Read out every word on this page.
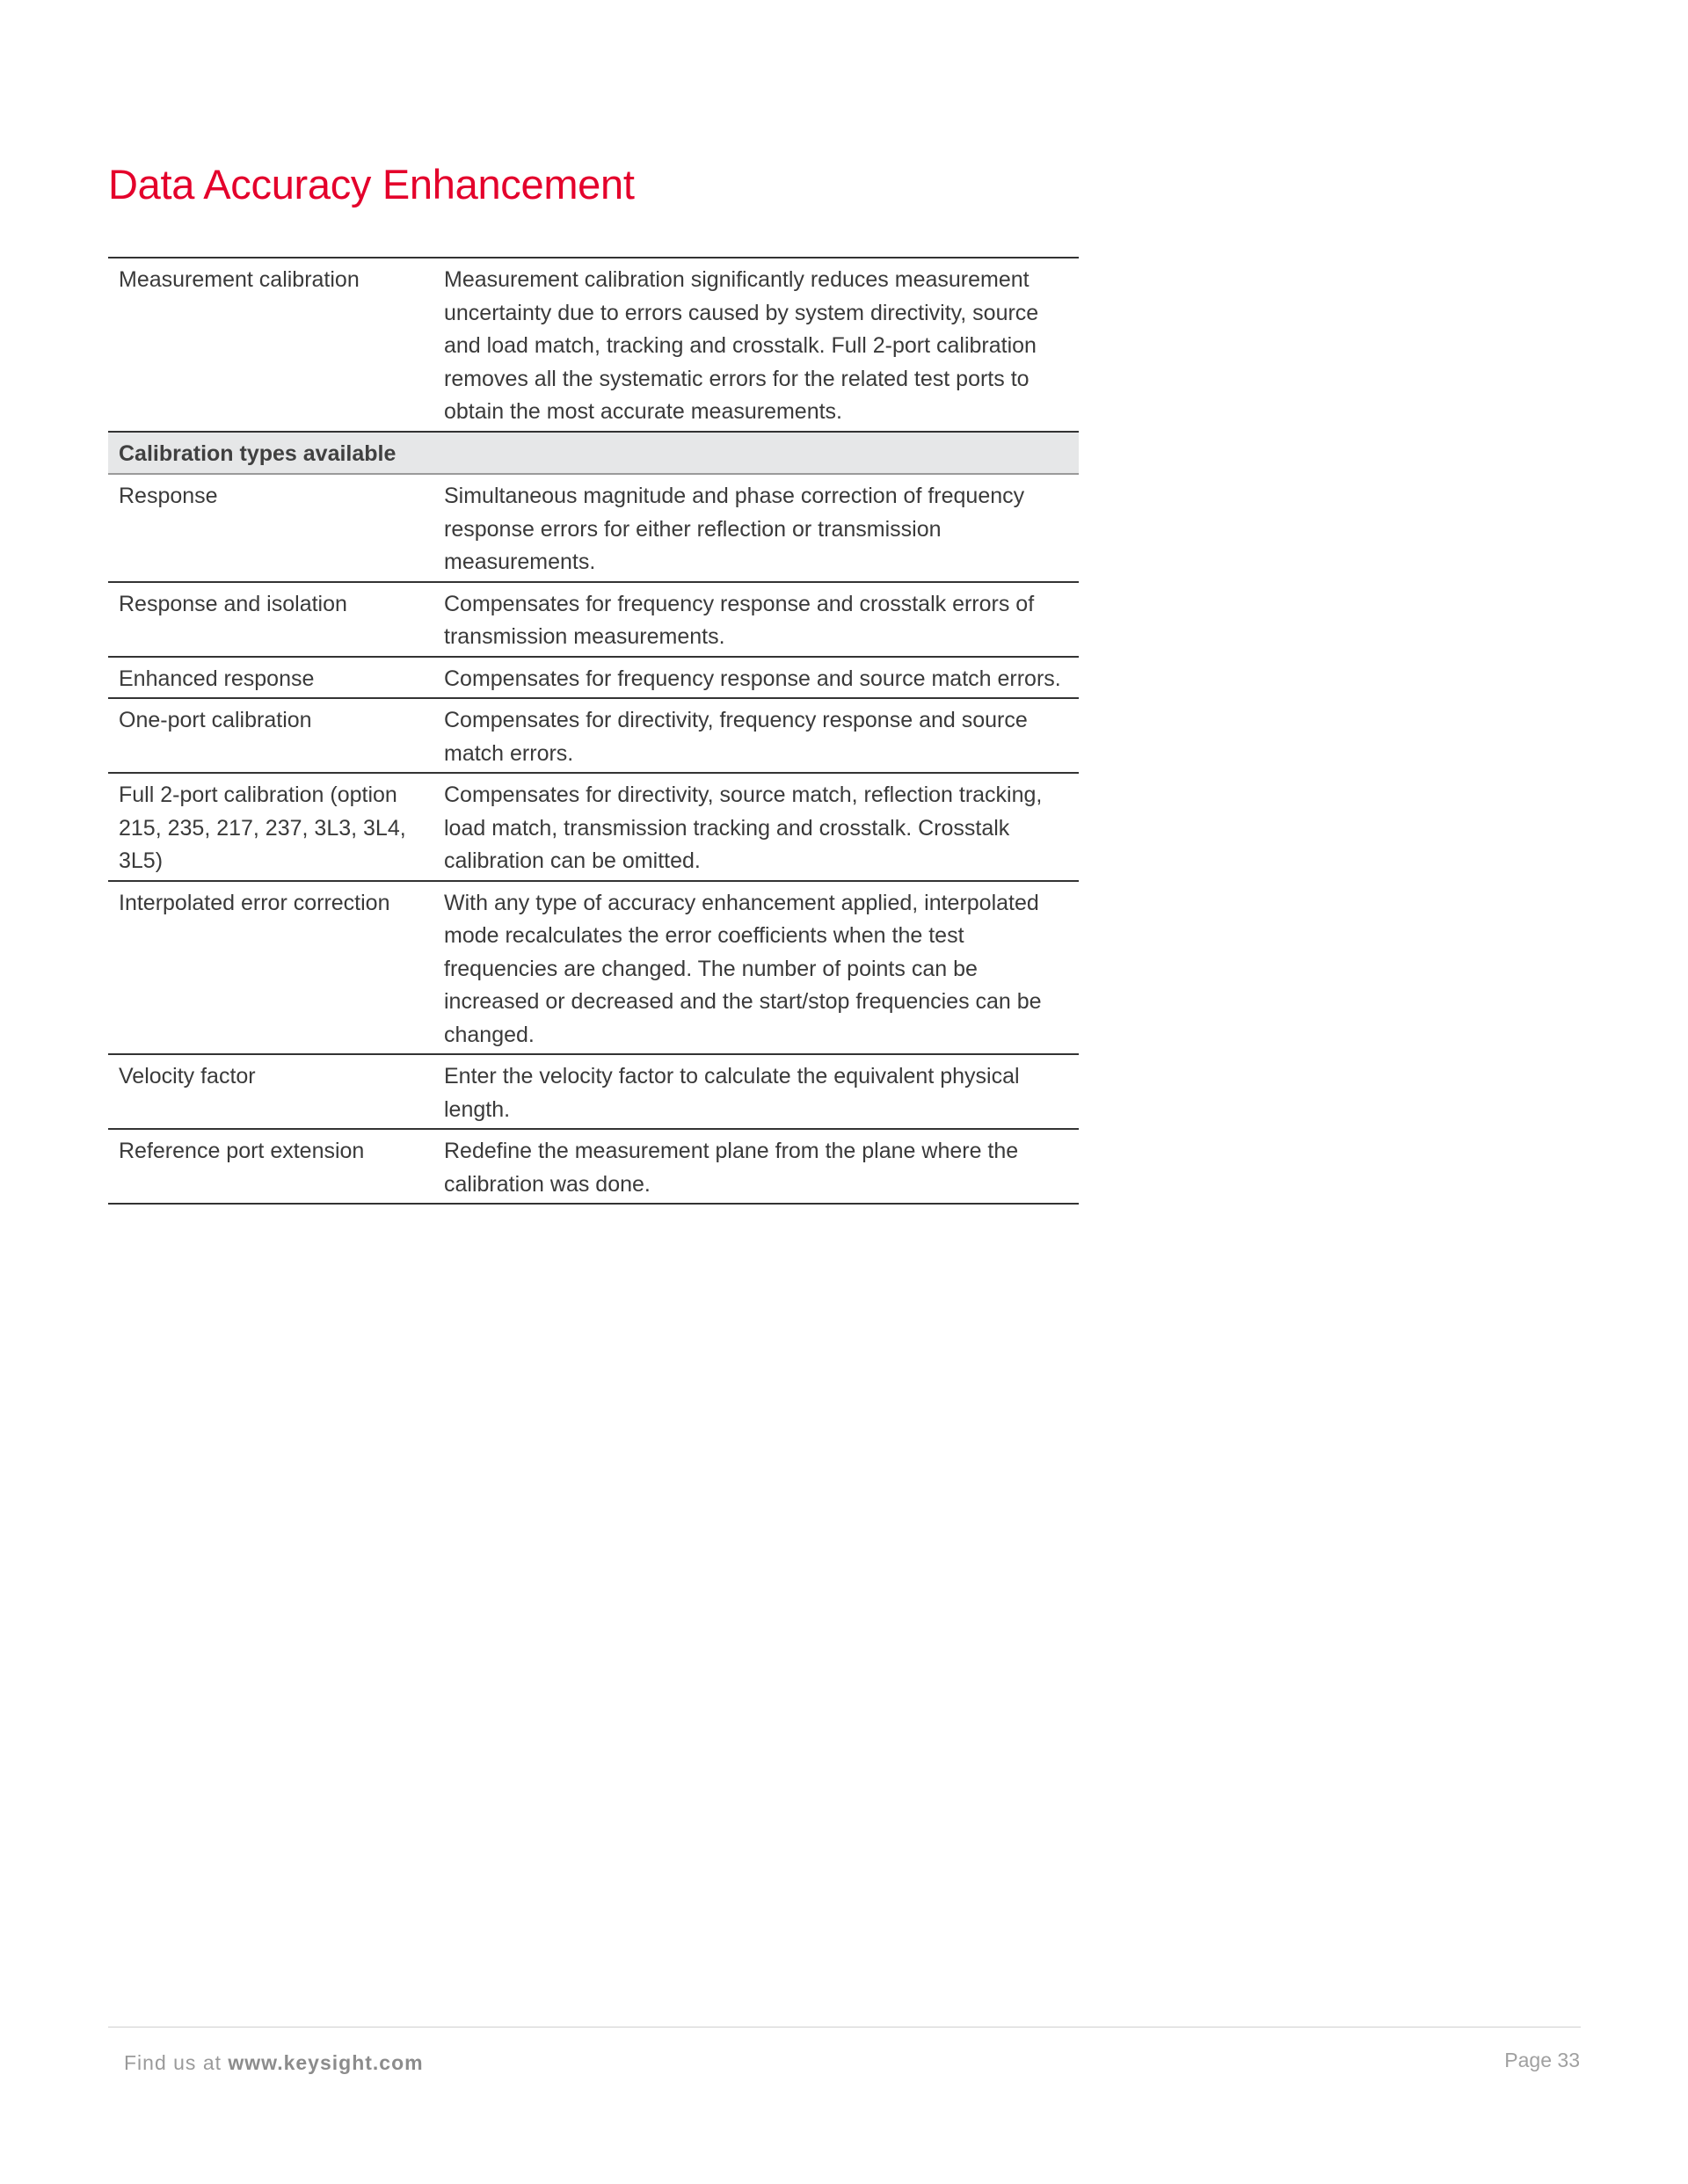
Data Accuracy Enhancement
Measurement calibration	Measurement calibration significantly reduces measurement uncertainty due to errors caused by system directivity, source and load match, tracking and crosstalk. Full 2-port calibration removes all the systematic errors for the related test ports to obtain the most accurate measurements.
Calibration types available	
Response	Simultaneous magnitude and phase correction of frequency response errors for either reflection or transmission measurements.
Response and isolation	Compensates for frequency response and crosstalk errors of transmission measurements.
Enhanced response	Compensates for frequency response and source match errors.
One-port calibration	Compensates for directivity, frequency response and source match errors.
Full 2-port calibration (option 215, 235, 217, 237, 3L3, 3L4, 3L5)	Compensates for directivity, source match, reflection tracking, load match, transmission tracking and crosstalk. Crosstalk calibration can be omitted.
Interpolated error correction	With any type of accuracy enhancement applied, interpolated mode recalculates the error coefficients when the test frequencies are changed. The number of points can be increased or decreased and the start/stop frequencies can be changed.
Velocity factor	Enter the velocity factor to calculate the equivalent physical length.
Reference port extension	Redefine the measurement plane from the plane where the calibration was done.
Find us at www.keysight.com	Page 33
